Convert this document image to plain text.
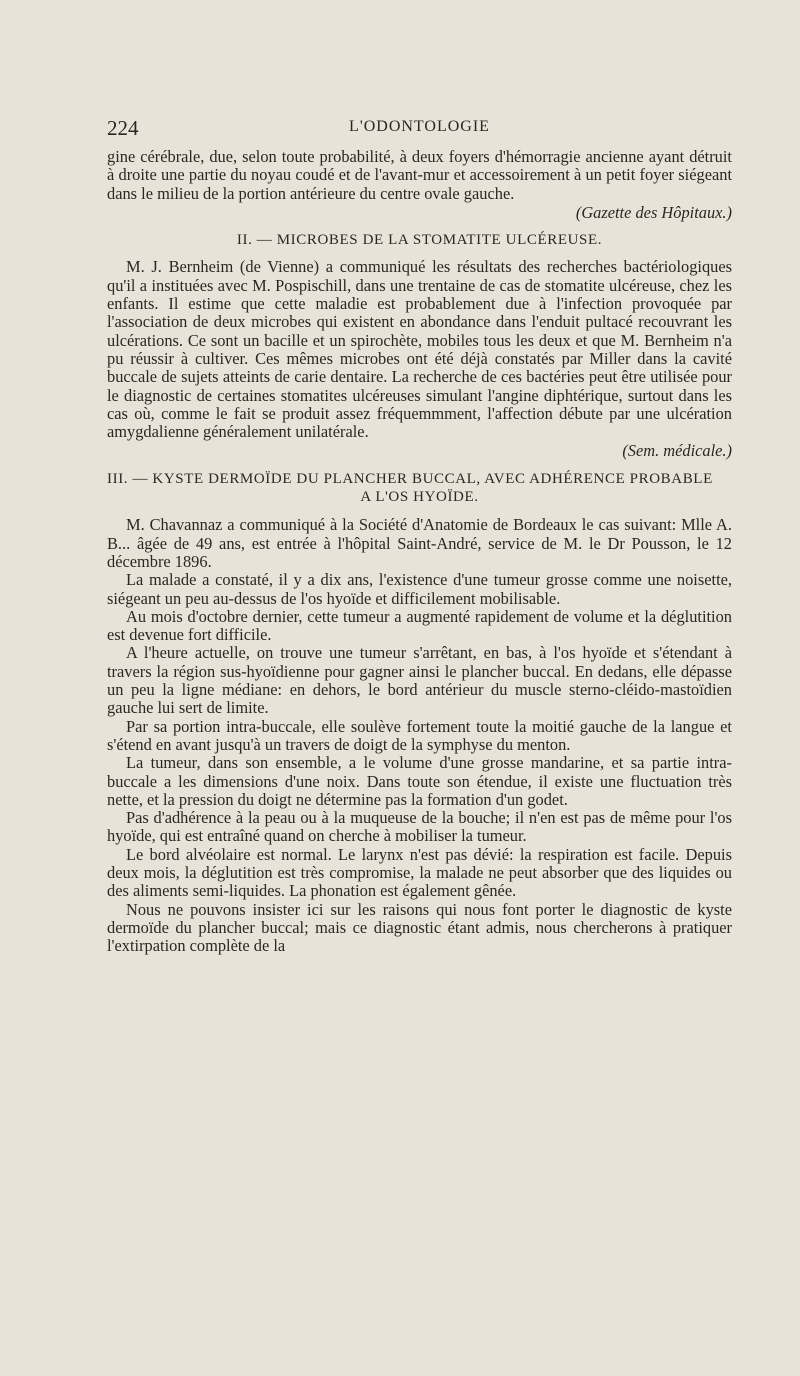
224	L'ODONTOLOGIE

gine cérébrale, due, selon toute probabilité, à deux foyers d'hémorragie ancienne ayant détruit à droite une partie du noyau coudé et de l'avant-mur et accessoirement à un petit foyer siégeant dans le milieu de la portion antérieure du centre ovale gauche.

(Gazette des Hôpitaux.)

II. — MICROBES DE LA STOMATITE ULCÉREUSE.

M. J. Bernheim (de Vienne) a communiqué les résultats des recherches bactériologiques qu'il a instituées avec M. Pospischill, dans une trentaine de cas de stomatite ulcéreuse, chez les enfants. Il estime que cette maladie est probablement due à l'infection provoquée par l'association de deux microbes qui existent en abondance dans l'enduit pultacé recouvrant les ulcérations. Ce sont un bacille et un spirochète, mobiles tous les deux et que M. Bernheim n'a pu réussir à cultiver. Ces mêmes microbes ont été déjà constatés par Miller dans la cavité buccale de sujets atteints de carie dentaire. La recherche de ces bactéries peut être utilisée pour le diagnostic de certaines stomatites ulcéreuses simulant l'angine diphtérique, surtout dans les cas où, comme le fait se produit assez fréquemmment, l'affection débute par une ulcération amygdalienne généralement unilatérale.

(Sem. médicale.)

III. — KYSTE DERMOÏDE DU PLANCHER BUCCAL, AVEC ADHÉRENCE PROBABLE
A L'OS HYOÏDE.

M. Chavannaz a communiqué à la Société d'Anatomie de Bordeaux le cas suivant: Mlle A. B... âgée de 49 ans, est entrée à l'hôpital Saint-André, service de M. le Dr Pousson, le 12 décembre 1896.

La malade a constaté, il y a dix ans, l'existence d'une tumeur grosse comme une noisette, siégeant un peu au-dessus de l'os hyoïde et difficilement mobilisable.

Au mois d'octobre dernier, cette tumeur a augmenté rapidement de volume et la déglutition est devenue fort difficile.

A l'heure actuelle, on trouve une tumeur s'arrêtant, en bas, à l'os hyoïde et s'étendant à travers la région sus-hyoïdienne pour gagner ainsi le plancher buccal. En dedans, elle dépasse un peu la ligne médiane: en dehors, le bord antérieur du muscle sterno-cléido-mastoïdien gauche lui sert de limite.

Par sa portion intra-buccale, elle soulève fortement toute la moitié gauche de la langue et s'étend en avant jusqu'à un travers de doigt de la symphyse du menton.

La tumeur, dans son ensemble, a le volume d'une grosse mandarine, et sa partie intra-buccale a les dimensions d'une noix. Dans toute son étendue, il existe une fluctuation très nette, et la pression du doigt ne détermine pas la formation d'un godet.

Pas d'adhérence à la peau ou à la muqueuse de la bouche; il n'en est pas de même pour l'os hyoïde, qui est entraîné quand on cherche à mobiliser la tumeur.

Le bord alvéolaire est normal. Le larynx n'est pas dévié: la respiration est facile. Depuis deux mois, la déglutition est très compromise, la malade ne peut absorber que des liquides ou des aliments semi-liquides. La phonation est également gênée.

Nous ne pouvons insister ici sur les raisons qui nous font porter le diagnostic de kyste dermoïde du plancher buccal; mais ce diagnostic étant admis, nous chercherons à pratiquer l'extirpation complète de la
